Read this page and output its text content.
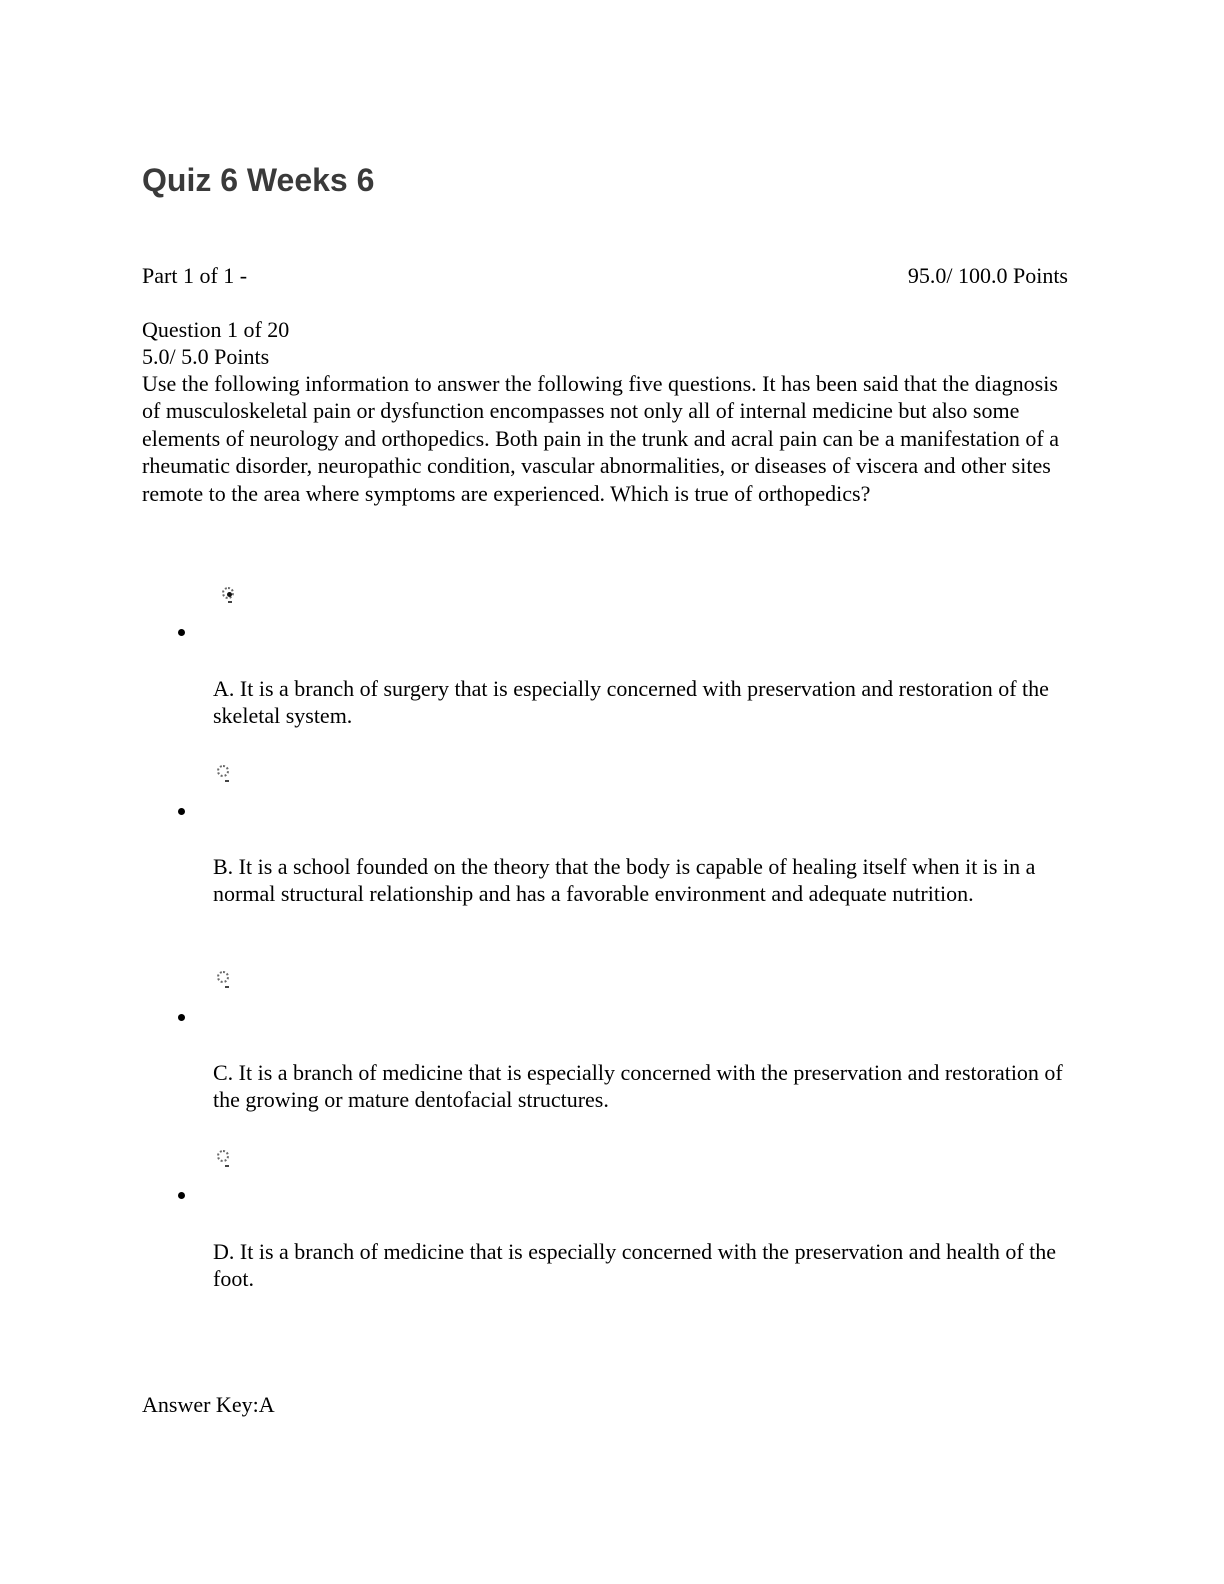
Quiz 6 Weeks 6
Part 1 of 1 -	95.0/ 100.0 Points
Question 1 of 20
5.0/ 5.0 Points
Use the following information to answer the following five questions. It has been said that the diagnosis of musculoskeletal pain or dysfunction encompasses not only all of internal medicine but also some elements of neurology and orthopedics. Both pain in the trunk and acral pain can be a manifestation of a rheumatic disorder, neuropathic condition, vascular abnormalities, or diseases of viscera and other sites remote to the area where symptoms are experienced. Which is true of orthopedics?
A. It is a branch of surgery that is especially concerned with preservation and restoration of the skeletal system.
B. It is a school founded on the theory that the body is capable of healing itself when it is in a normal structural relationship and has a favorable environment and adequate nutrition.
C. It is a branch of medicine that is especially concerned with the preservation and restoration of the growing or mature dentofacial structures.
D. It is a branch of medicine that is especially concerned with the preservation and health of the foot.
Answer Key:A
